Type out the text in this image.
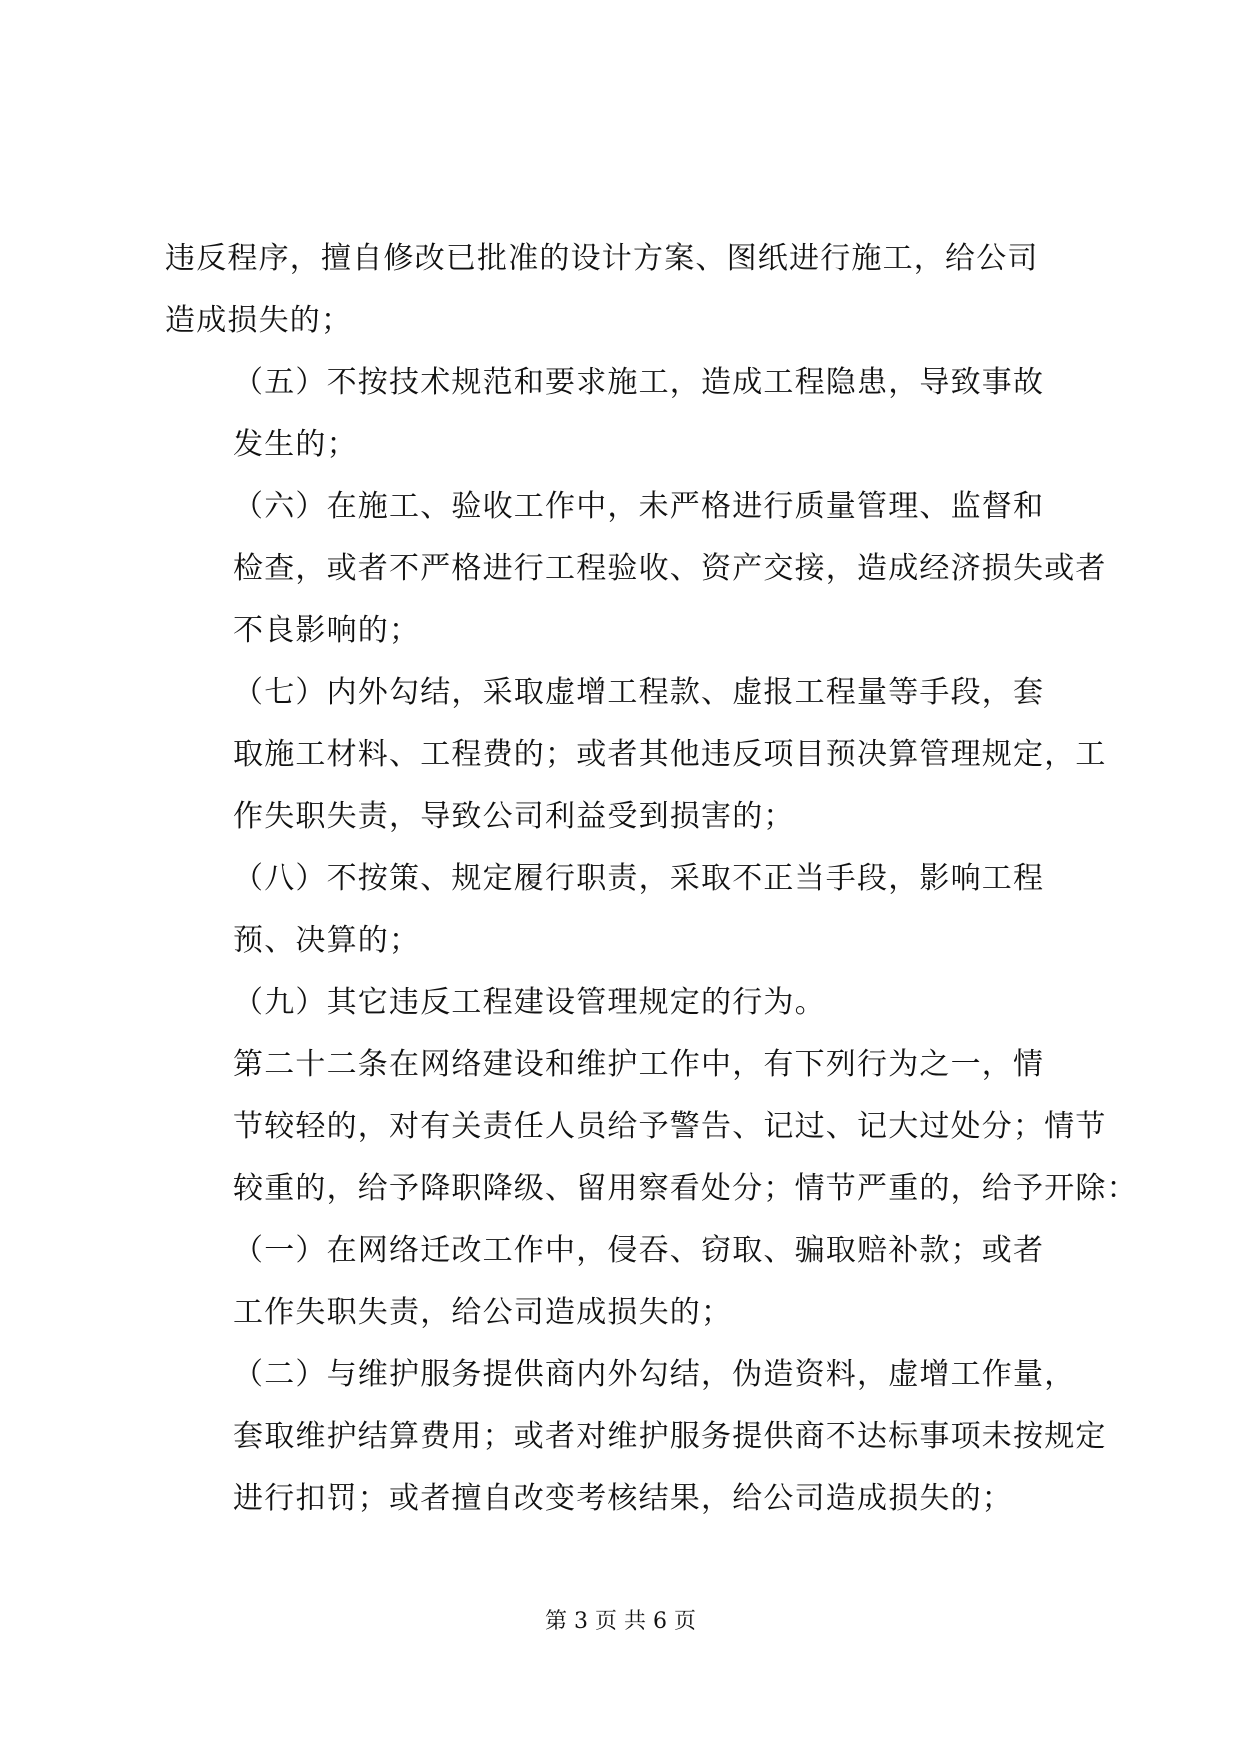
违反程序，擅自修改已批准的设计方案、图纸进行施工，给公司
造成损失的；
（五）不按技术规范和要求施工，造成工程隐患，导致事故
发生的；
（六）在施工、验收工作中，未严格进行质量管理、监督和
检查，或者不严格进行工程验收、资产交接，造成经济损失或者
不良影响的；
（七）内外勾结，采取虚增工程款、虚报工程量等手段，套
取施工材料、工程费的；或者其他违反项目预决算管理规定，工
作失职失责，导致公司利益受到损害的；
（八）不按策、规定履行职责，采取不正当手段，影响工程
预、决算的；
（九）其它违反工程建设管理规定的行为。
第二十二条在网络建设和维护工作中，有下列行为之一，情
节较轻的，对有关责任人员给予警告、记过、记大过处分；情节
较重的，给予降职降级、留用察看处分；情节严重的，给予开除：
（一）在网络迁改工作中，侵吞、窃取、骗取赔补款；或者
工作失职失责，给公司造成损失的；
（二）与维护服务提供商内外勾结，伪造资料，虚增工作量，
套取维护结算费用；或者对维护服务提供商不达标事项未按规定
进行扣罚；或者擅自改变考核结果，给公司造成损失的；
第 3 页 共 6 页
